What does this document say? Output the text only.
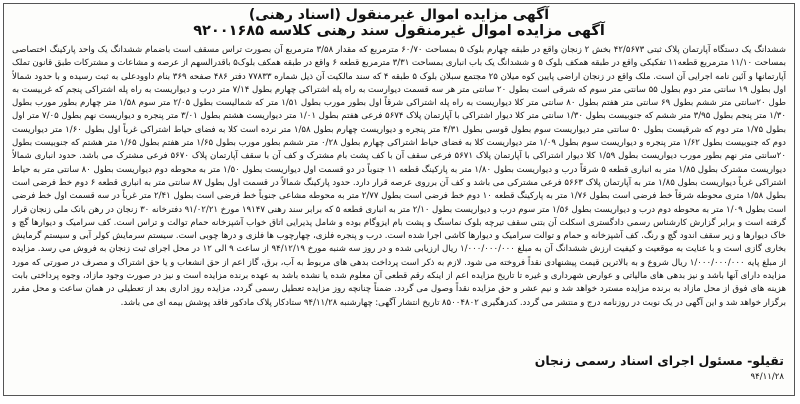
آگهی مزایده اموال غیرمنقول (اسناد رهنی)
آگهی مزایده اموال غیرمنقول سند رهنی کلاسه ۹۲۰۰۱۶۸۵
ششدانگ یک دستگاه آپارتمان پلاک ثبتی ۴۲/۵۶۷۳ بخش ۲ زنجان واقع در طبقه چهارم بلوک ۵ بمساحت ۶۰/۷۰ مترمربع که مقدار ۳/۵۸ مترمربع آن بصورت تراس مسقف است باضمام ششدانگ یک واحد پارکینگ اختصاصی بمساحت ۱۱/۱۰ مترمربع قطعه۱۱ تفکیکی واقع در طبقه همکف بلوک ۵ و ششدانگ یک باب انباری بمساحت ۳/۳۱ مترمربع قطعه ۶ واقع در طبقه همکف بلوک۵ باقدرالسهم از عرصه و مشاعات و مشترکات طبق قانون تملک آپارتمانها و آئین نامه اجرایی آن است. ملک واقع در زنجان اراضی پایین کوه میلان ۲۵ مجتمع سبلان بلوک ۵ طبقه ۴ که سند مالکیت آن ذیل شماره ۷۷۸۳۳ دفتر ۴۸۶ صفحه ۳۶۹ بنام داوودعلی به ثبت رسیده و با حدود شمالاً اول بطول ۱۹ سانتی متر دوم بطول ۵۵ سانتی متر سوم که شرقی است بطول ۲۰ سانتی متر هر سه قسمت دیوارست به راه پله اشتراکی چهارم بطول ۷/۱۴ متر درب و دیواریست به راه پله اشتراکی پنجم که غربیست به طول ۲۰سانتی متر ششم بطول ۶۹ سانتی متر هفتم بطول ۸۰ سانتی متر کلا دیواریست به راه پله اشتراکی شرقاً اول بطور مورب بطول ۱/۵۱ متر که شمالیست بطول ۲/۰۵ متر سوم ۱/۵۸ متر چهارم بطور مورب بطول ۱/۳۰ متر پنجم بطول ۳/۹۵ متر ششم که جنوبیست بطول ۱/۳۰ سانتی متر کلا دیوار اشتراکی با آپارتمان پلاک ۵۶۷۴ فرعی هفتم بطول ۱/۰۱ متر دیواریست هشتم بطول ۳/۰۱ متر پنجره و دیواریست نهم بطول ۷/۰۵ متر اول بطول ۱/۷۵ متر دوم که شرقیست بطول ۵۰ سانتی متر دیواریست سوم بطول قوسی بطول ۴/۳۱ متر پنجره و دیواریست چهارم بطول ۱/۵۸ متر نرده است کلا به فضای حیاط اشتراکی غرباً اول بطول ۱/۶۰ متر دیواریست دوم که جنوبیست بطول ۱/۶۲ متر پنجره و دیواریست سوم بطول ۱/۰۹ متر دیواریست کلا به فضای حیاط اشتراکی چهارم بطول ۰/۲۸ متر ششم بطور مورب بطول ۱/۶۵ متر هفتم بطول ۱/۶۵ متر هشتم که جنوبیست بطول ۲۰سانتی متر نهم بطور مورب دیواریست بطول ۱/۵۹ کلا دیوار اشتراکی با آپارتمان پلاک ۵۶۷۱ فرعی سقف آن با کف پشت بام مشترک و کف آن با سقف آپارتمان پلاک ۵۶۷۰ فرعی مشترک می باشد. حدود انباری شمالاً دیواریست مشترک بطول ۱/۸۵ متر به انباری قطعه ۵ شرقاً درب و دیواریست بطول ۱/۸۰ متر به پارکینگ قطعه ۱۱ جنوباً در دو قسمت اول دیواریست بطول ۱/۵۰ متر به محوطه دوم دیواریست بطول ۸۰ سانتی متر به حیاط اشتراکی غرباً دیواریست بطول ۱/۸۵ متر به آپارتمان پلاک ۵۶۶۳ فرعی مشترکی می باشد و کف آن برروی عرصه قرار دارد. حدود پارکینگ شمالاً در قسمت اول بطول ۸۷ سانتی متر به انباری قطعه ۶ دوم خط فرضی است بطول ۱/۵۸ متری محوطه شرقاً خط فرضی است بطول ۱/۷۶ متر به پارکینگ قطعه ۱۰ دوم خط فرضی است بطول ۲/۷۷ متر به محوطه مشاعی جنوباً خط فرضی است بطول ۲/۴۱ متر غرباً در سه قسمت اول خط فرضی است بطول ۱/۰۹ متر به محوطه دوم درب و دیواریست بطول ۱/۵۶ متر سوم درب و دیواریست بطول ۲/۱۰ متر به انباری قطعه ۵ که برابر سند رهنی ۱۹۱۴۷ مورخ ۹۱/۰۲/۲۱ دفترخانه ۳۰ زنجان در رهن بانک ملی زنجان قرار گرفته است و برابر گزارش کارشناس رسمی دادگستری اسکلت آن بتنی سقف تیرچه بلوک نماسنگ و پشت بام ایزوگام بوده و شامل پذیرایی اتاق خواب آشپزخانه حمام توالت و تراس است. کف سرامیک و دیوارها گچ و خاک دیوارها و زیر سقف اندود گچ و رنگ. کف آشپزخانه و حمام و توالت سرامیک و دیوارها کاشی اجرا شده است. درب و پنجره فلزی، چهارچوب ها فلزی و درها چوبی است. سیستم سرمایش کولر آبی و سیستم گرمایش بخاری گازی است و با عنایت به موقعیت و کیفیت ارزش ششدانگ آن به مبلغ ۱/۰۰۰/۰۰۰/۰۰۰ ریال ارزیابی شده و در روز سه شنبه مورخ ۹۴/۱۲/۱۹ از ساعت ۹ الی ۱۲ در محل اجرای ثبت زنجان به فروش می رسد. مزایده از مبلغ پایه ۱/۰۰۰/۰۰۰/۰۰۰ ریال شروع و به بالاترین قیمت پیشنهادی نقداً فروخته می شود. لازم به ذکر است پرداخت بدهی های مربوط به آب، برق، گاز اعم از حق انشعاب و یا حق اشتراک و مصرف در صورتی که مورد مزایده دارای آنها باشد و نیز بدهی های مالیاتی و عوارض شهرداری و غیره تا تاریخ مزایده اعم از اینکه رقم قطعی آن معلوم شده یا نشده باشد به عهده برنده مزایده است و نیز در صورت وجود مازاد، وجوه پرداختی بابت هزینه های فوق از محل مازاد به برنده مزایده مسترد خواهد شد و نیم عشر و حق مزایده نقداً وصول می گردد. ضمناً چنانچه روز مزایده تعطیل رسمی گردد، مزایده روز اداری بعد از تعطیلی در همان ساعت و محل مقرر برگزار خواهد شد و این آگهی در یک نوبت در روزنامه درج و منتشر می گردد. کدرهگیری ۸۵۰۰۴۸۰۲ تاریخ انتشار آگهی: چهارشنبه ۹۴/۱۱/۲۸ ستادکار پلاک مادکور فاقد پوشش بیمه ای می باشد.
تقیلو- مسئول اجرای اسناد رسمی زنجان
۹۴/۱۱/۲۸
